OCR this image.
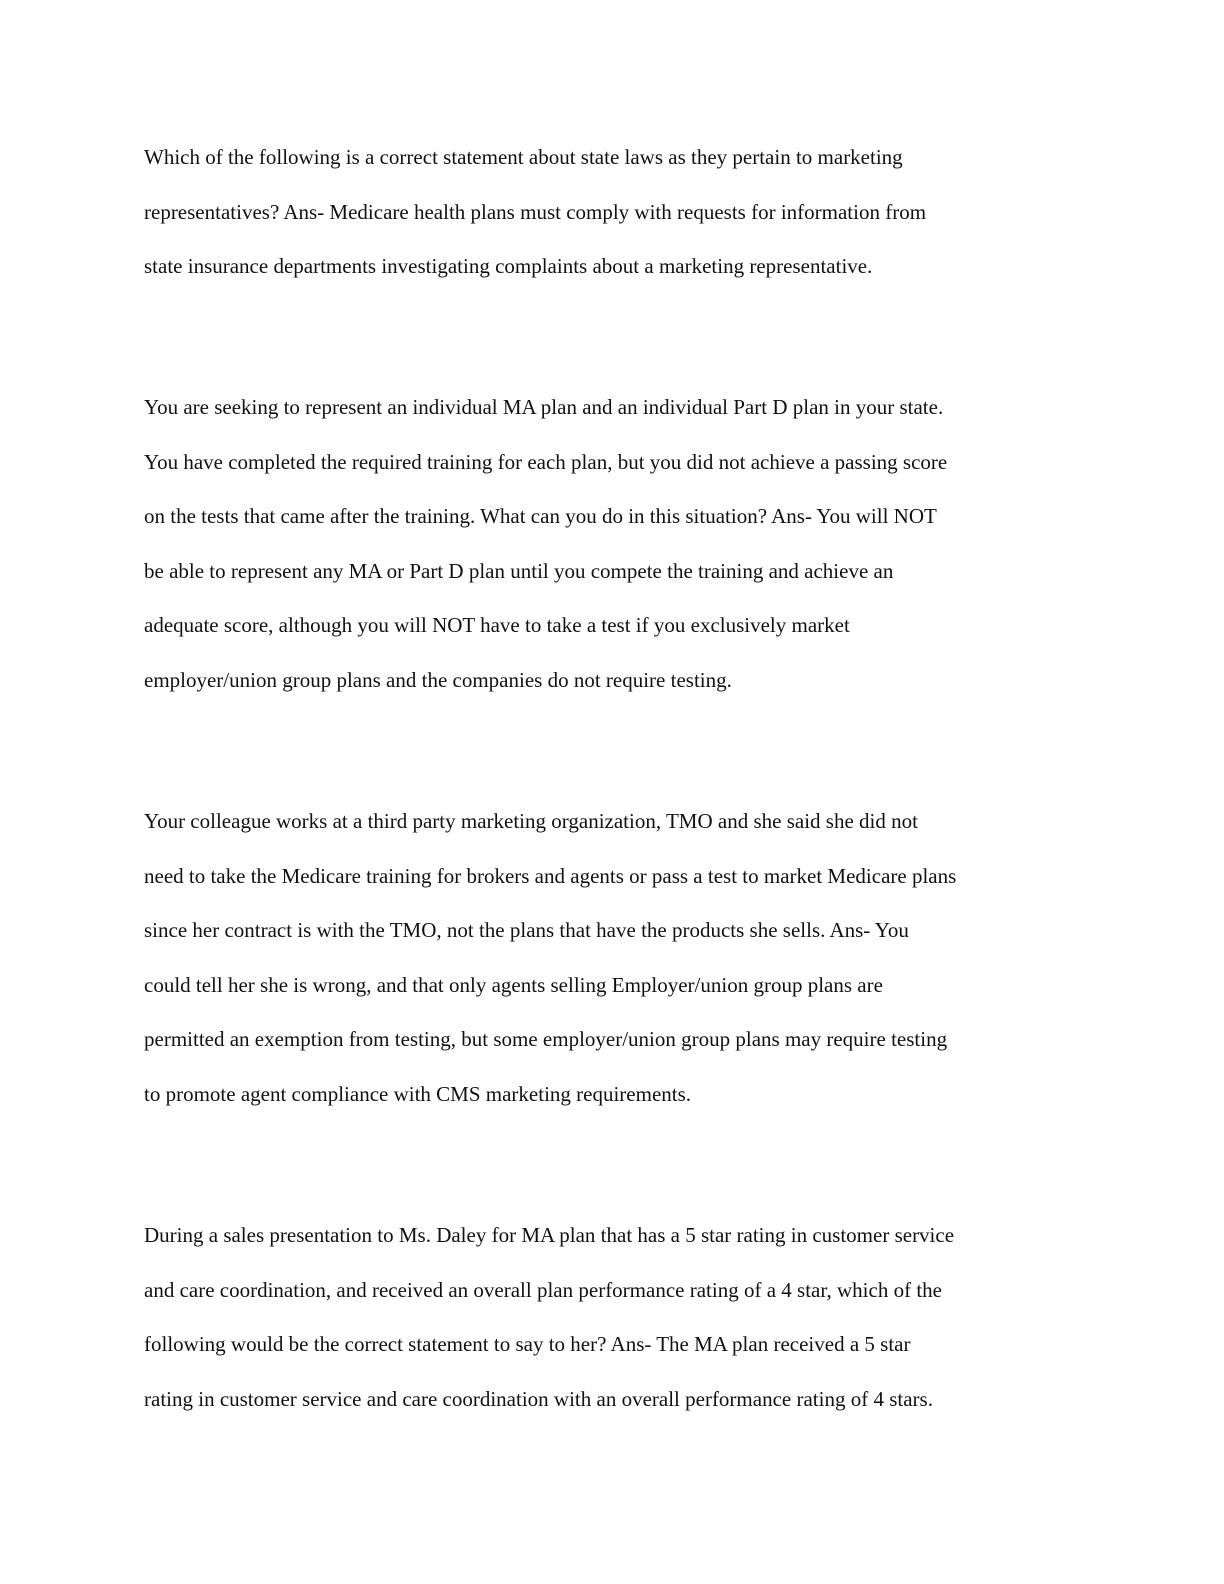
Which of the following is a correct statement about state laws as they pertain to marketing
representatives? Ans- Medicare health plans must comply with requests for information from
state insurance departments investigating complaints about a marketing representative.

You are seeking to represent an individual MA plan and an individual Part D plan in your state.
You have completed the required training for each plan, but you did not achieve a passing score
on the tests that came after the training. What can you do in this situation? Ans- You will NOT
be able to represent any MA or Part D plan until you compete the training and achieve an
adequate score, although you will NOT have to take a test if you exclusively market
employer/union group plans and the companies do not require testing.

Your colleague works at a third party marketing organization, TMO and she said she did not
need to take the Medicare training for brokers and agents or pass a test to market Medicare plans
since her contract is with the TMO, not the plans that have the products she sells. Ans- You
could tell her she is wrong, and that only agents selling Employer/union group plans are
permitted an exemption from testing, but some employer/union group plans may require testing
to promote agent compliance with CMS marketing requirements.

During a sales presentation to Ms. Daley for MA plan that has a 5 star rating in customer service
and care coordination, and received an overall plan performance rating of a 4 star, which of the
following would be the correct statement to say to her? Ans- The MA plan received a 5 star
rating in customer service and care coordination with an overall performance rating of 4 stars.
